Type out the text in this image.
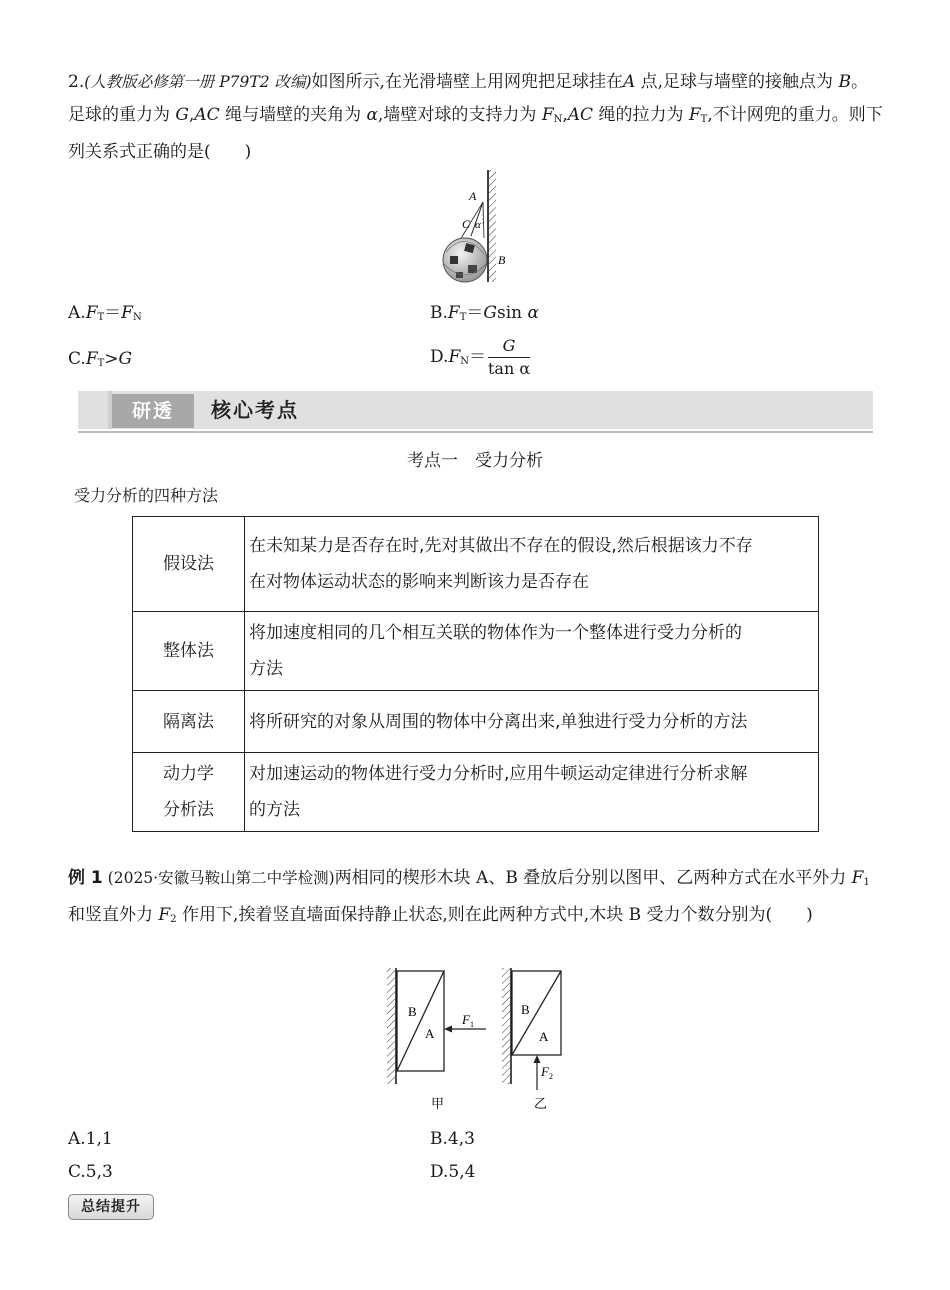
2.(人教版必修第一册 P79T2 改编)如图所示,在光滑墙壁上用网兜把足球挂在A 点,足球与墙壁的接触点为 B。足球的重力为 G,AC 绳与墙壁的夹角为 α,墙壁对球的支持力为 $F_N,AC$ 绳的拉力为 $F_T$,不计网兜的重力。则下列关系式正确的是(　　)
A
C α
B
$A.F_T=F_N$	$B.F_T=Gsin$ α
$C.F_T>G$	$D.F_N= \frac{G}{\text{tan α}}$
研透	核心考点
考点一　受力分析
受力分析的四种方法
假设法	在未知某力是否存在时,先对其做出不存在的假设,然后根据该力不存
在对物体运动状态的影响来判断该力是否存在
整体法	将加速度相同的几个相互关联的物体作为一个整体进行受力分析的
方法
隔离法	将所研究的对象从周围的物体中分离出来,单独进行受力分析的方法
动力学
分析法	对加速运动的物体进行受力分析时,应用牛顿运动定律进行分析求解
的方法
例 1 (2025·安徽马鞍山第二中学检测)两相同的楔形木块 A、B 叠放后分别以图甲、乙两种方式在水平外力 $F_1$ 和竖直外力 $F_2$ 作用下,挨着竖直墙面保持静止状态,则在此两种方式中,木块 B 受力个数分别为(　　)
B
A
F 1
甲
B
A
F 2
乙
A.1,1	B.4,3
C.5,3	D.5,4
总结提升
